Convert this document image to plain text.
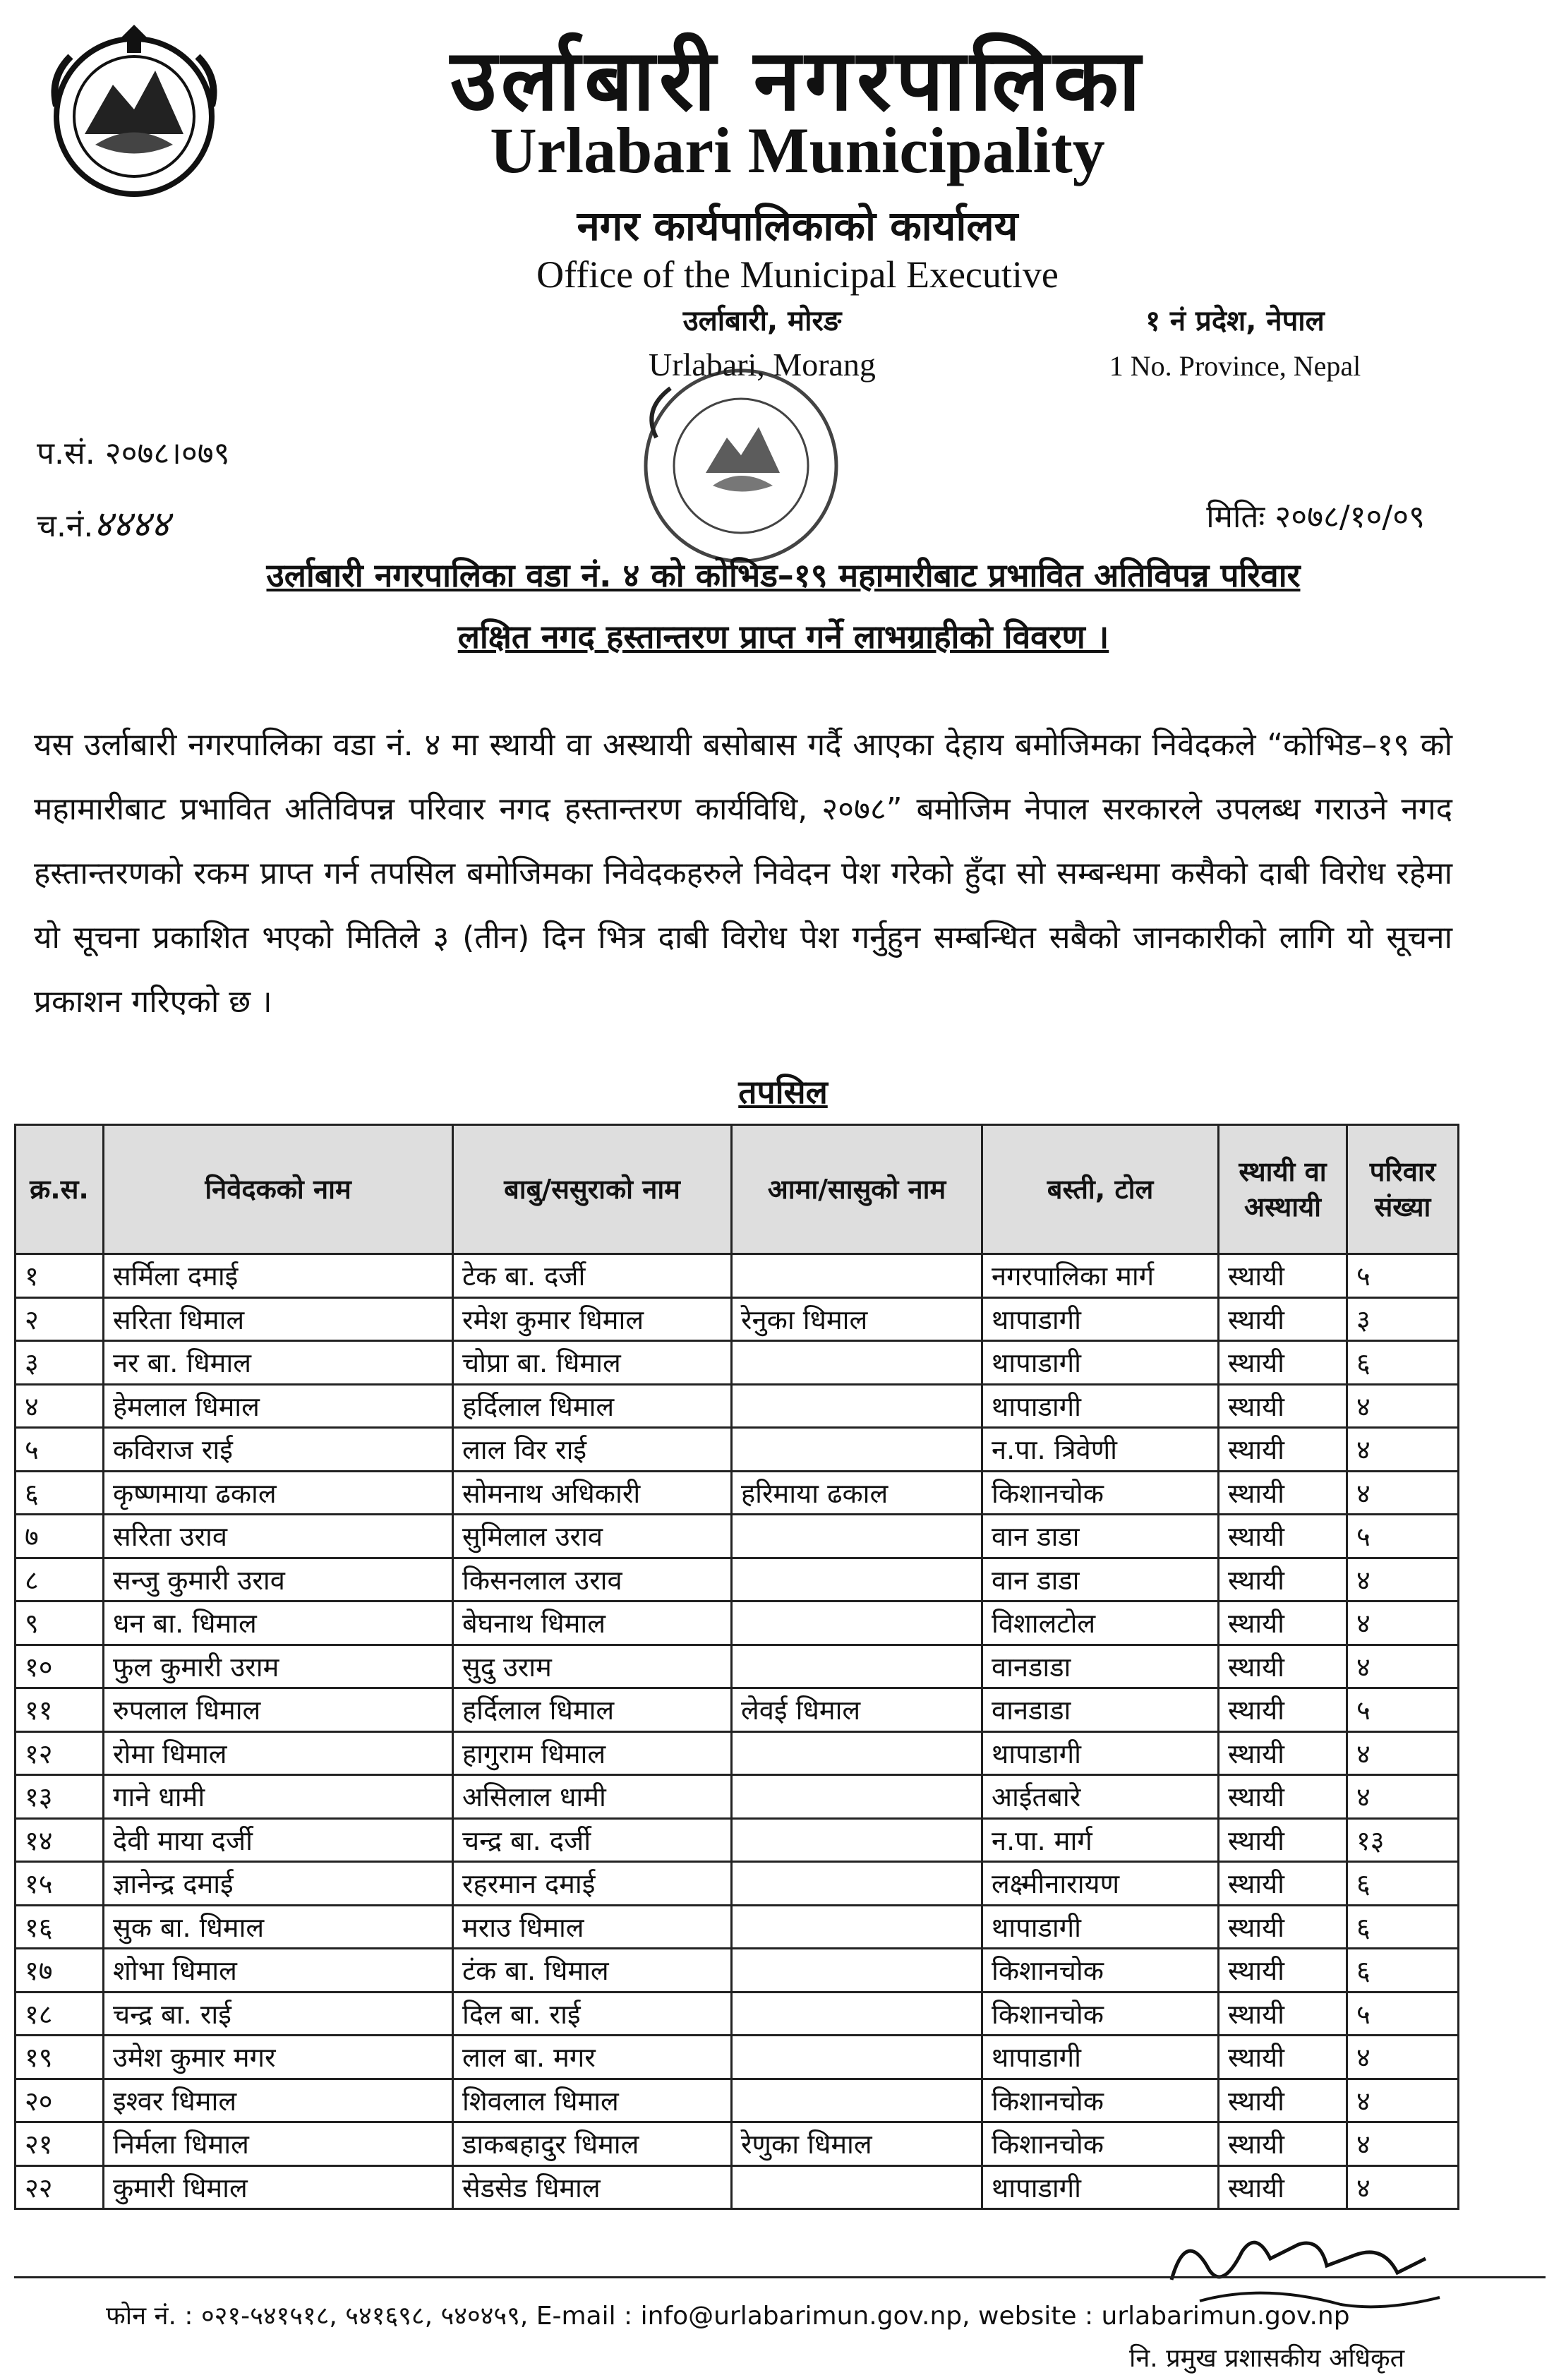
उर्लाबारी नगरपालिका
Urlabari Municipality
नगर कार्यपालिकाको कार्यालय
Office of the Municipal Executive
उर्लाबारी, मोरङ
Urlabari, Morang
१ नं प्रदेश, नेपाल
1 No. Province, Nepal
प.सं. २०७८।०७९
च.नं.४४४४	मितिः २०७८/१०/०९
उर्लाबारी नगरपालिका वडा नं. ४ को कोभिड–१९ महामारीबाट प्रभावित अतिविपन्न परिवार
लक्षित नगद हस्तान्तरण प्राप्त गर्ने लाभग्राहीको विवरण ।
यस उर्लाबारी नगरपालिका वडा नं. ४ मा स्थायी वा अस्थायी बसोबास गर्दै आएका देहाय बमोजिमका निवेदकले “कोभिड–१९ को महामारीबाट प्रभावित अतिविपन्न परिवार नगद हस्तान्तरण कार्यविधि, २०७८” बमोजिम नेपाल सरकारले उपलब्ध गराउने नगद हस्तान्तरणको रकम प्राप्त गर्न तपसिल बमोजिमका निवेदकहरुले निवेदन पेश गरेको हुँदा सो सम्बन्धमा कसैको दाबी विरोध रहेमा यो सूचना प्रकाशित भएको मितिले ३ (तीन) दिन भित्र दाबी विरोध पेश गर्नुहुन सम्बन्धित सबैको जानकारीको लागि यो सूचना प्रकाशन गरिएको छ ।
तपसिल
क्र.स.	निवेदकको नाम	बाबु/ससुराको नाम	आमा/सासुको नाम	बस्ती, टोल	स्थायी वा अस्थायी	परिवार संख्या
१	सर्मिला दमाई	टेक बा. दर्जी		नगरपालिका मार्ग	स्थायी	५
२	सरिता धिमाल	रमेश कुमार धिमाल	रेनुका धिमाल	थापाडागी	स्थायी	३
३	नर बा. धिमाल	चोप्रा बा. धिमाल		थापाडागी	स्थायी	६
४	हेमलाल धिमाल	हर्दिलाल धिमाल		थापाडागी	स्थायी	४
५	कविराज राई	लाल विर राई		न.पा. त्रिवेणी	स्थायी	४
६	कृष्णमाया ढकाल	सोमनाथ अधिकारी	हरिमाया ढकाल	किशानचोक	स्थायी	४
७	सरिता उराव	सुमिलाल उराव		वान डाडा	स्थायी	५
८	सन्जु कुमारी उराव	किसनलाल उराव		वान डाडा	स्थायी	४
९	धन बा. धिमाल	बेघनाथ धिमाल		विशालटोल	स्थायी	४
१०	फुल कुमारी उराम	सुदु उराम		वानडाडा	स्थायी	४
११	रुपलाल धिमाल	हर्दिलाल धिमाल	लेवई धिमाल	वानडाडा	स्थायी	५
१२	रोमा धिमाल	हागुराम धिमाल		थापाडागी	स्थायी	४
१३	गाने धामी	असिलाल धामी		आईतबारे	स्थायी	४
१४	देवी माया दर्जी	चन्द्र बा. दर्जी		न.पा. मार्ग	स्थायी	१३
१५	ज्ञानेन्द्र दमाई	रहरमान दमाई		लक्ष्मीनारायण	स्थायी	६
१६	सुक बा. धिमाल	मराउ धिमाल		थापाडागी	स्थायी	६
१७	शोभा धिमाल	टंक बा. धिमाल		किशानचोक	स्थायी	६
१८	चन्द्र बा. राई	दिल बा. राई		किशानचोक	स्थायी	५
१९	उमेश कुमार मगर	लाल बा. मगर		थापाडागी	स्थायी	४
२०	इश्वर धिमाल	शिवलाल धिमाल		किशानचोक	स्थायी	४
२१	निर्मला धिमाल	डाकबहादुर धिमाल	रेणुका धिमाल	किशानचोक	स्थायी	४
२२	कुमारी धिमाल	सेडसेड धिमाल		थापाडागी	स्थायी	४
फोन नं. : ०२१-५४१५१८, ५४१६९८, ५४०४५९, E-mail : info@urlabarimun.gov.np, website : urlabarimun.gov.np
नि. प्रमुख प्रशासकीय अधिकृत
